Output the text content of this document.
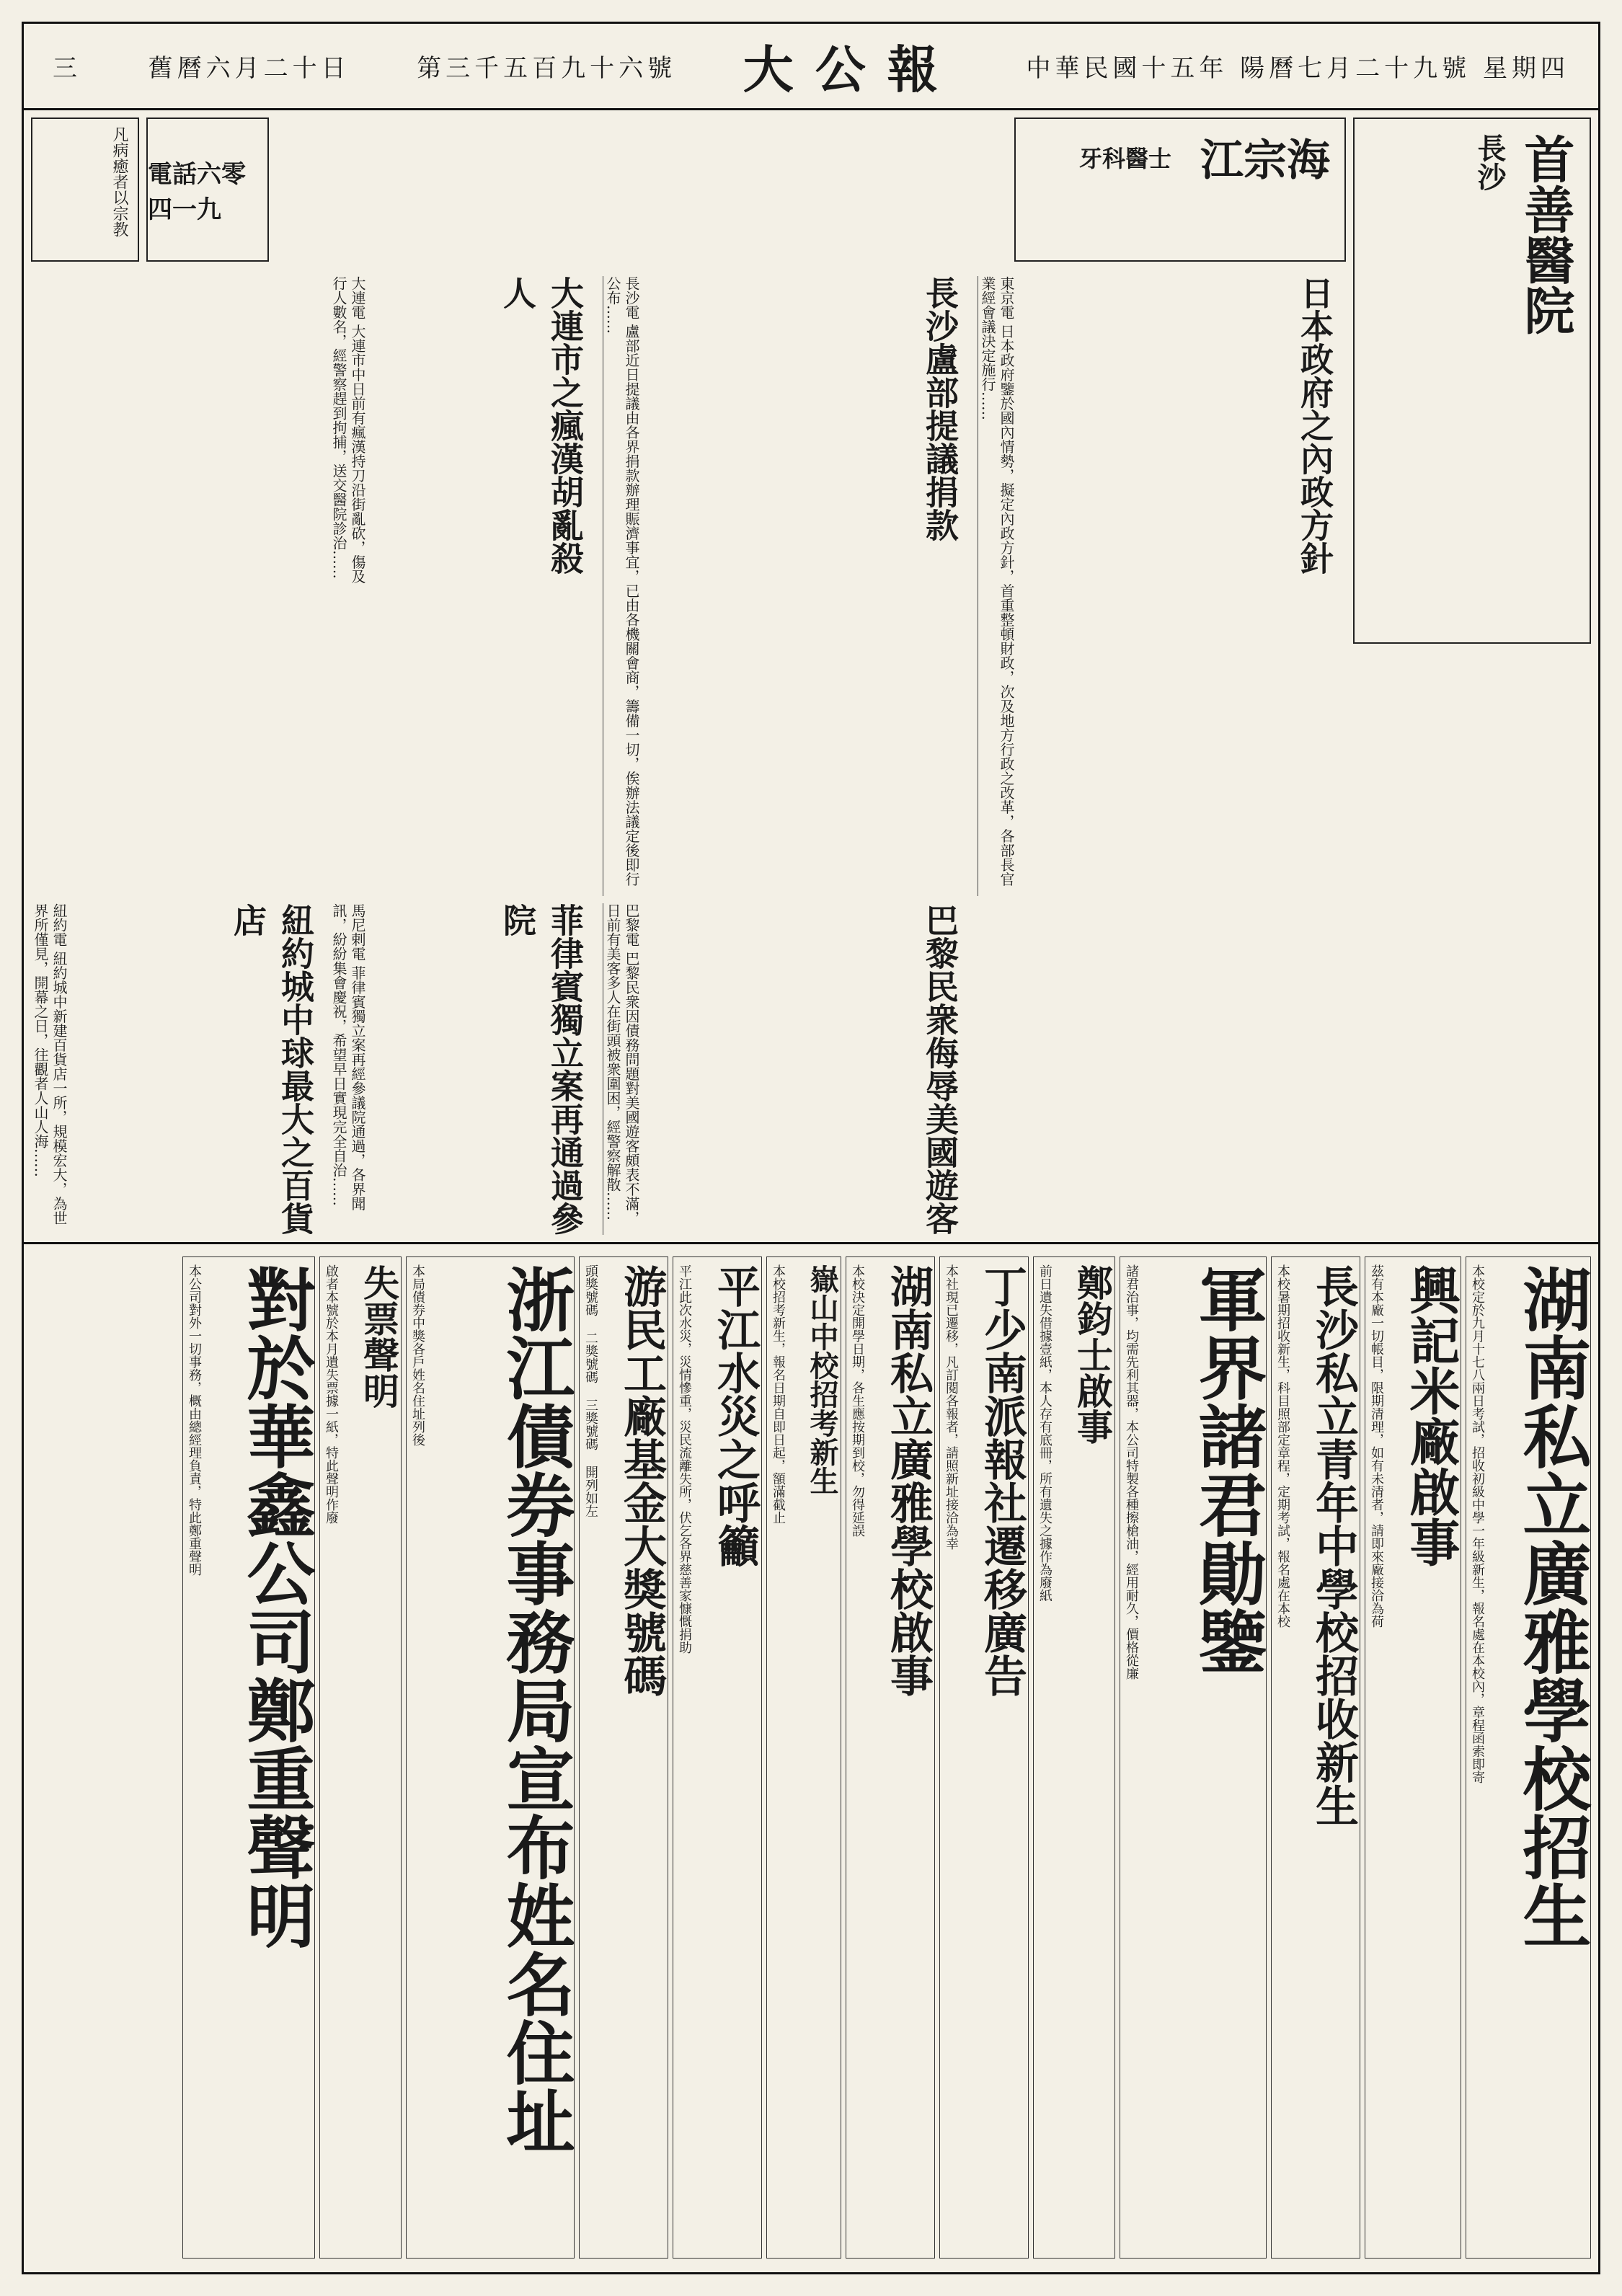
三	舊曆六月二十日	第三千五百九十六號 大公報	中華民國十五年 陽曆七月二十九號 星期四
首善醫院
長沙
江宗海
牙科醫士
電話六零四一九
凡病癒者以宗教
日本政府之內政方針
東京電 日本政府鑒於國內情勢，擬定內政方針，首重整頓財政，次及地方行政之改革，各部長官業經會議決定施行……
長沙盧部提議捐款
長沙電 盧部近日提議由各界捐款辦理賑濟事宜，已由各機關會商，籌備一切，俟辦法議定後即行公布……
大連市之瘋漢胡亂殺人
大連電 大連市中日前有瘋漢持刀沿街亂砍，傷及行人數名，經警察趕到拘捕，送交醫院診治……
巴黎民衆侮辱美國遊客
巴黎電 巴黎民衆因債務問題對美國遊客頗表不滿，日前有美客多人在街頭被衆圍困，經警察解散……
菲律賓獨立案再通過參院
馬尼剌電 菲律賓獨立案再經參議院通過，各界聞訊，紛紛集會慶祝，希望早日實現完全自治……
紐約城中球最大之百貨店
紐約電 紐約城中新建百貨店一所，規模宏大，為世界所僅見，開幕之日，往觀者人山人海……
湖南私立廣雅學校招生
本校定於九月十七八兩日考試，招收初級中學一年級新生，報名處在本校內，章程函索即寄
興記米廠啟事
茲有本廠一切帳目，限期清理，如有未清者，請即來廠接洽為荷
長沙私立青年中學校招收新生
本校暑期招收新生，科目照部定章程，定期考試，報名處在本校
軍界諸君勛鑒
諸君治事，均需先利其器，本公司特製各種擦槍油，經用耐久，價格從廉
鄭鈞士啟事
前日遺失借據壹紙，本人存有底冊，所有遺失之據作為廢紙
丁少南派報社遷移廣告
本社現已遷移，凡訂閱各報者，請照新址接洽為幸
湖南私立廣雅學校啟事
本校決定開學日期，各生應按期到校，勿得延誤
嶽山中校招考新生
本校招考新生，報名日期自即日起，額滿截止
平江水災之呼籲
平江此次水災，災情慘重，災民流離失所，伏乞各界慈善家慷慨捐助
游民工廠基金大獎號碼
頭獎號碼 二獎號碼 三獎號碼 開列如左
浙江債券事務局宣布姓名住址
本局債券中獎各戶姓名住址列後
失票聲明
啟者本號於本月遺失票據一紙，特此聲明作廢
對於華鑫公司鄭重聲明
本公司對外一切事務，概由總經理負責，特此鄭重聲明
